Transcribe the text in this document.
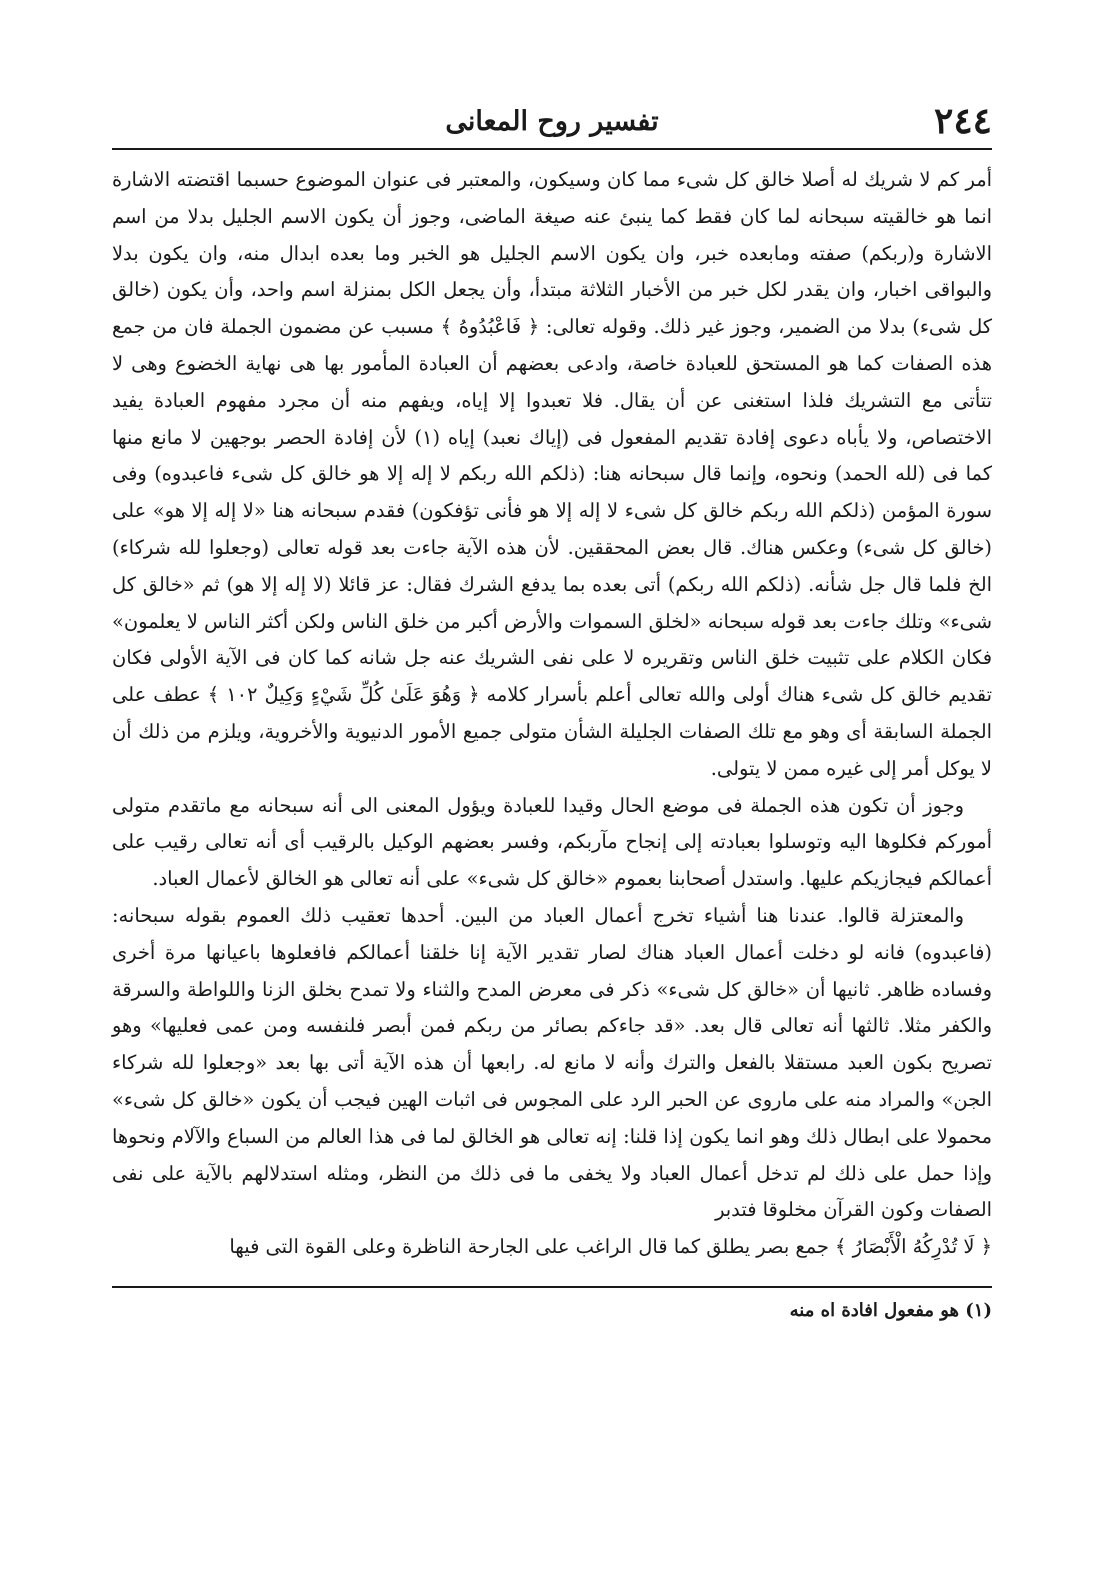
٢٤٤
تفسير روح المعانى

أمر كم لا شريك له أصلا خالق كل شىء مما كان وسيكون، والمعتبر فى عنوان الموضوع حسبما اقتضته الاشارة انما هو خالقيته سبحانه لما كان فقط كما ينبئ عنه صيغة الماضى، وجوز أن يكون الاسم الجليل بدلا من اسم الاشارة و(ربكم) صفته ومابعده خبر، وان يكون الاسم الجليل هو الخبر وما بعده ابدال منه، وان يكون بدلا والبواقى اخبار، وان يقدر لكل خبر من الأخبار الثلاثة مبتدأ، وأن يجعل الكل بمنزلة اسم واحد، وأن يكون (خالق كل شىء) بدلا من الضمير، وجوز غير ذلك. وقوله تعالى: ﴿ فَاعْبُدُوهُ ﴾ مسبب عن مضمون الجملة فان من جمع هذه الصفات كما هو المستحق للعبادة خاصة، وادعى بعضهم أن العبادة المأمور بها هى نهاية الخضوع وهى لا تتأتى مع التشريك فلذا استغنى عن أن يقال. فلا تعبدوا إلا إياه، ويفهم منه أن مجرد مفهوم العبادة يفيد الاختصاص، ولا يأباه دعوى إفادة تقديم المفعول فى (إياك نعبد) إياه (١) لأن إفادة الحصر بوجهين لا مانع منها كما فى (لله الحمد) ونحوه، وإنما قال سبحانه هنا: (ذلكم الله ربكم لا إله إلا هو خالق كل شىء فاعبدوه) وفى سورة المؤمن (ذلكم الله ربكم خالق كل شىء لا إله إلا هو فأنى تؤفكون) فقدم سبحانه هنا «لا إله إلا هو» على (خالق كل شىء) وعكس هناك. قال بعض المحققين. لأن هذه الآية جاءت بعد قوله تعالى (وجعلوا لله شركاء) الخ فلما قال جل شأنه. (ذلكم الله ربكم) أتى بعده بما يدفع الشرك فقال: عز قائلا (لا إله إلا هو) ثم «خالق كل شىء» وتلك جاءت بعد قوله سبحانه «لخلق السموات والأرض أكبر من خلق الناس ولكن أكثر الناس لا يعلمون» فكان الكلام على تثبيت خلق الناس وتقريره لا على نفى الشريك عنه جل شانه كما كان فى الآية الأولى فكان تقديم خالق كل شىء هناك أولى والله تعالى أعلم بأسرار كلامه ﴿ وَهُوَ عَلَىٰ كُلِّ شَيْءٍ وَكِيلٌ ١٠٢ ﴾ عطف على الجملة السابقة أى وهو مع تلك الصفات الجليلة الشأن متولى جميع الأمور الدنيوية والأخروية، ويلزم من ذلك أن لا يوكل أمر إلى غيره ممن لا يتولى.

وجوز أن تكون هذه الجملة فى موضع الحال وقيدا للعبادة ويؤول المعنى الى أنه سبحانه مع ماتقدم متولى أموركم فكلوها اليه وتوسلوا بعبادته إلى إنجاح مآربكم، وفسر بعضهم الوكيل بالرقيب أى أنه تعالى رقيب على أعمالكم فيجازيكم عليها. واستدل أصحابنا بعموم «خالق كل شىء» على أنه تعالى هو الخالق لأعمال العباد.

والمعتزلة قالوا. عندنا هنا أشياء تخرج أعمال العباد من البين. أحدها تعقيب ذلك العموم بقوله سبحانه: (فاعبدوه) فانه لو دخلت أعمال العباد هناك لصار تقدير الآية إنا خلقنا أعمالكم فافعلوها باعيانها مرة أخرى وفساده ظاهر. ثانيها أن «خالق كل شىء» ذكر فى معرض المدح والثناء ولا تمدح بخلق الزنا واللواطة والسرقة والكفر مثلا. ثالثها أنه تعالى قال بعد. «قد جاءكم بصائر من ربكم فمن أبصر فلنفسه ومن عمى فعليها» وهو تصريح بكون العبد مستقلا بالفعل والترك وأنه لا مانع له. رابعها أن هذه الآية أتى بها بعد «وجعلوا لله شركاء الجن» والمراد منه على ماروى عن الحبر الرد على المجوس فى اثبات الهين فيجب أن يكون «خالق كل شىء» محمولا على ابطال ذلك وهو انما يكون إذا قلنا: إنه تعالى هو الخالق لما فى هذا العالم من السباع والآلام ونحوها وإذا حمل على ذلك لم تدخل أعمال العباد ولا يخفى ما فى ذلك من النظر، ومثله استدلالهم بالآية على نفى الصفات وكون القرآن مخلوقا فتدبر

﴿ لَا تُدْرِكُهُ الْأَبْصَارُ ﴾ جمع بصر يطلق كما قال الراغب على الجارحة الناظرة وعلى القوة التى فيها

(١) هو مفعول افادة اه منه
